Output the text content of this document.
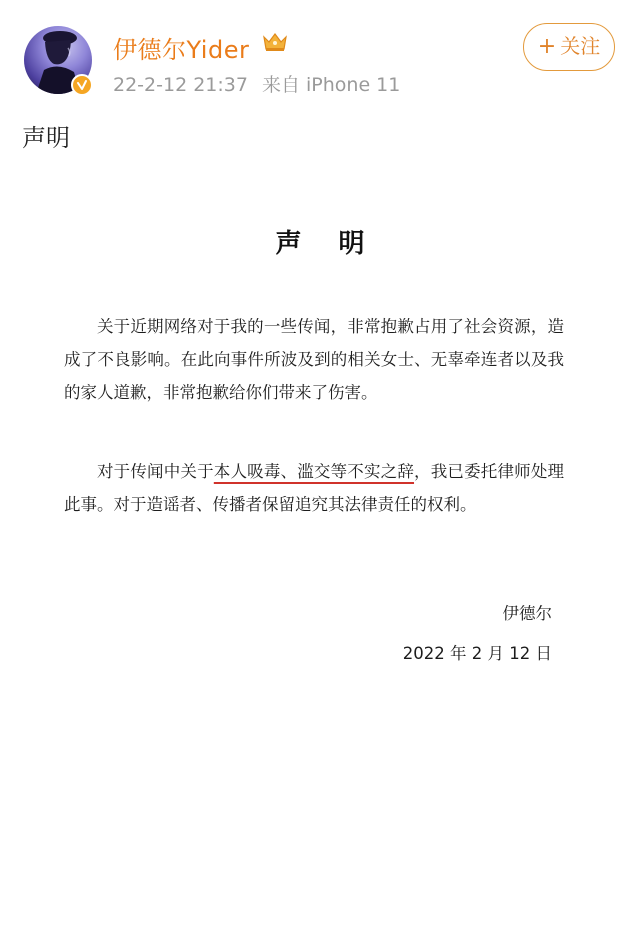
伊德尔Yider
22-2-12 21:37 来自 iPhone 11
+ 关注
声明
声 明
关于近期网络对于我的一些传闻，非常抱歉占用了社会资源，造成了不良影响。在此向事件所波及到的相关女士、无辜牵连者以及我的家人道歉，非常抱歉给你们带来了伤害。
对于传闻中关于本人吸毒、滥交等不实之辞，我已委托律师处理此事。对于造谣者、传播者保留追究其法律责任的权利。
伊德尔
2022 年 2 月 12 日
